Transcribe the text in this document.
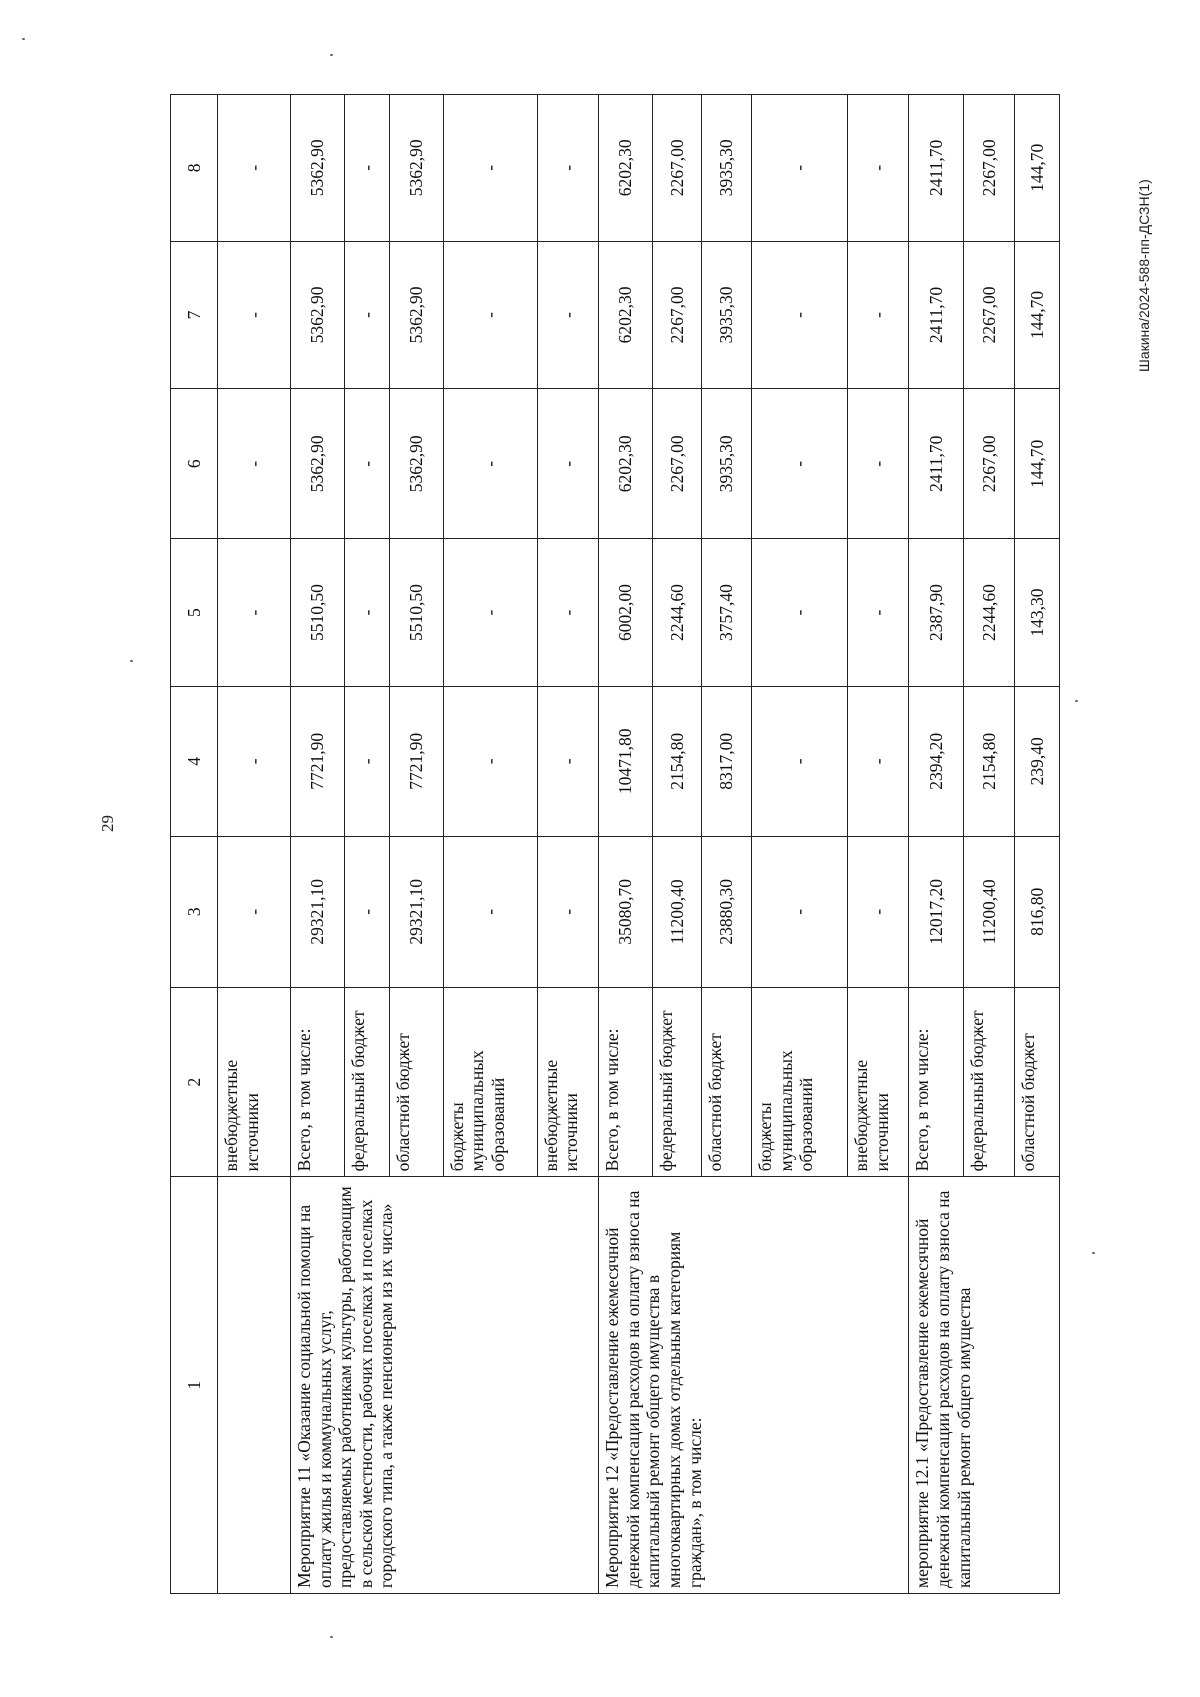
29
Шакина/2024-588-пп-ДСЗН(1)
1	2	3	4	5	6	7	8
	внебюджетные источники	-	-	-	-	-	-
Мероприятие 11 «Оказание социальной помощи на оплату жилья и коммунальных услуг, предоставляемых работникам культуры, работающим в сельской местности, рабочих поселках и поселках городского типа, а также пенсионерам из их числа»	Всего, в том числе:	29321,10	7721,90	5510,50	5362,90	5362,90	5362,90
	федеральный бюджет	-	-	-	-	-	-
	областной бюджет	29321,10	7721,90	5510,50	5362,90	5362,90	5362,90
	бюджеты муниципальных образований	-	-	-	-	-	-
	внебюджетные источники	-	-	-	-	-	-
Мероприятие 12 «Предоставление ежемесячной денежной компенсации расходов на оплату взноса на капитальный ремонт общего имущества в многоквартирных домах отдельным категориям граждан», в том числе:	Всего, в том числе:	35080,70	10471,80	6002,00	6202,30	6202,30	6202,30
	федеральный бюджет	11200,40	2154,80	2244,60	2267,00	2267,00	2267,00
	областной бюджет	23880,30	8317,00	3757,40	3935,30	3935,30	3935,30
	бюджеты муниципальных образований	-	-	-	-	-	-
	внебюджетные источники	-	-	-	-	-	-
мероприятие 12.1 «Предоставление ежемесячной денежной компенсации расходов на оплату взноса на капитальный ремонт общего имущества	Всего, в том числе:	12017,20	2394,20	2387,90	2411,70	2411,70	2411,70
	федеральный бюджет	11200,40	2154,80	2244,60	2267,00	2267,00	2267,00
	областной бюджет	816,80	239,40	143,30	144,70	144,70	144,70
